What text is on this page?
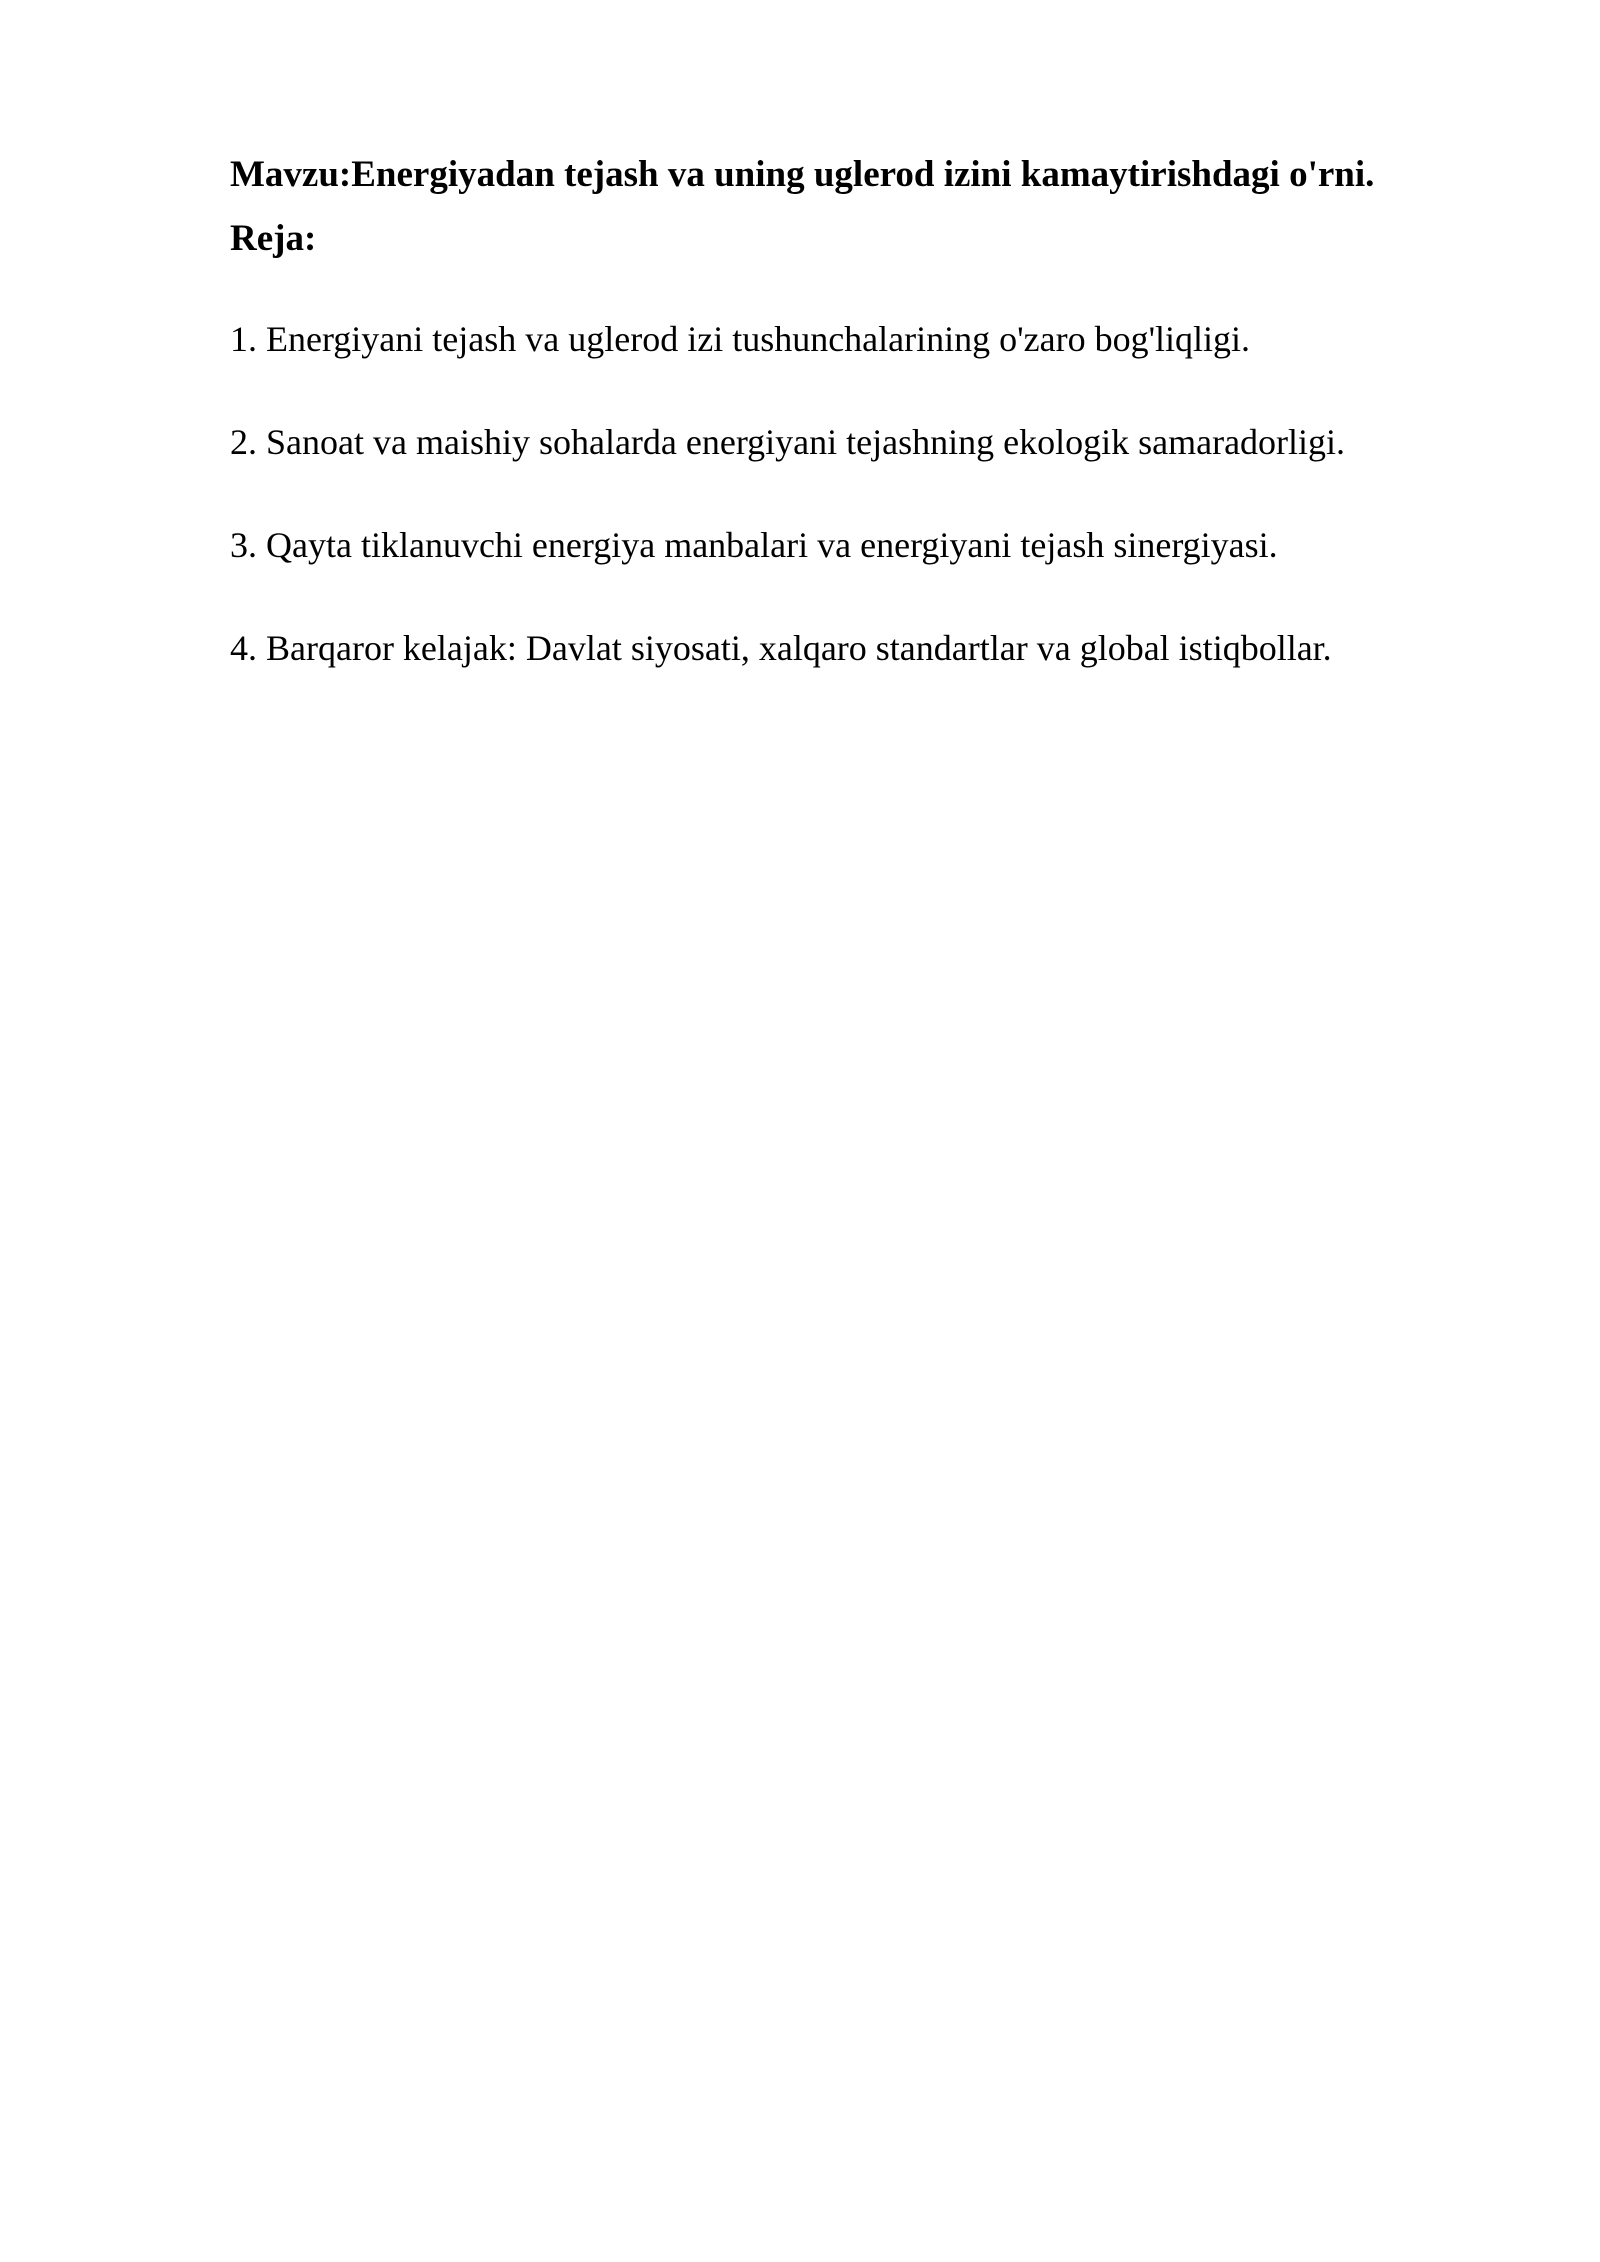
Mavzu:Energiyadan tejash va uning uglerod izini kamaytirishdagi o'rni.

Reja:

1. Energiyani tejash va uglerod izi tushunchalarining o'zaro bog'liqligi.
2. Sanoat va maishiy sohalarda energiyani tejashning ekologik samaradorligi.
3. Qayta tiklanuvchi energiya manbalari va energiyani tejash sinergiyasi.
4. Barqaror kelajak: Davlat siyosati, xalqaro standartlar va global istiqbollar.
